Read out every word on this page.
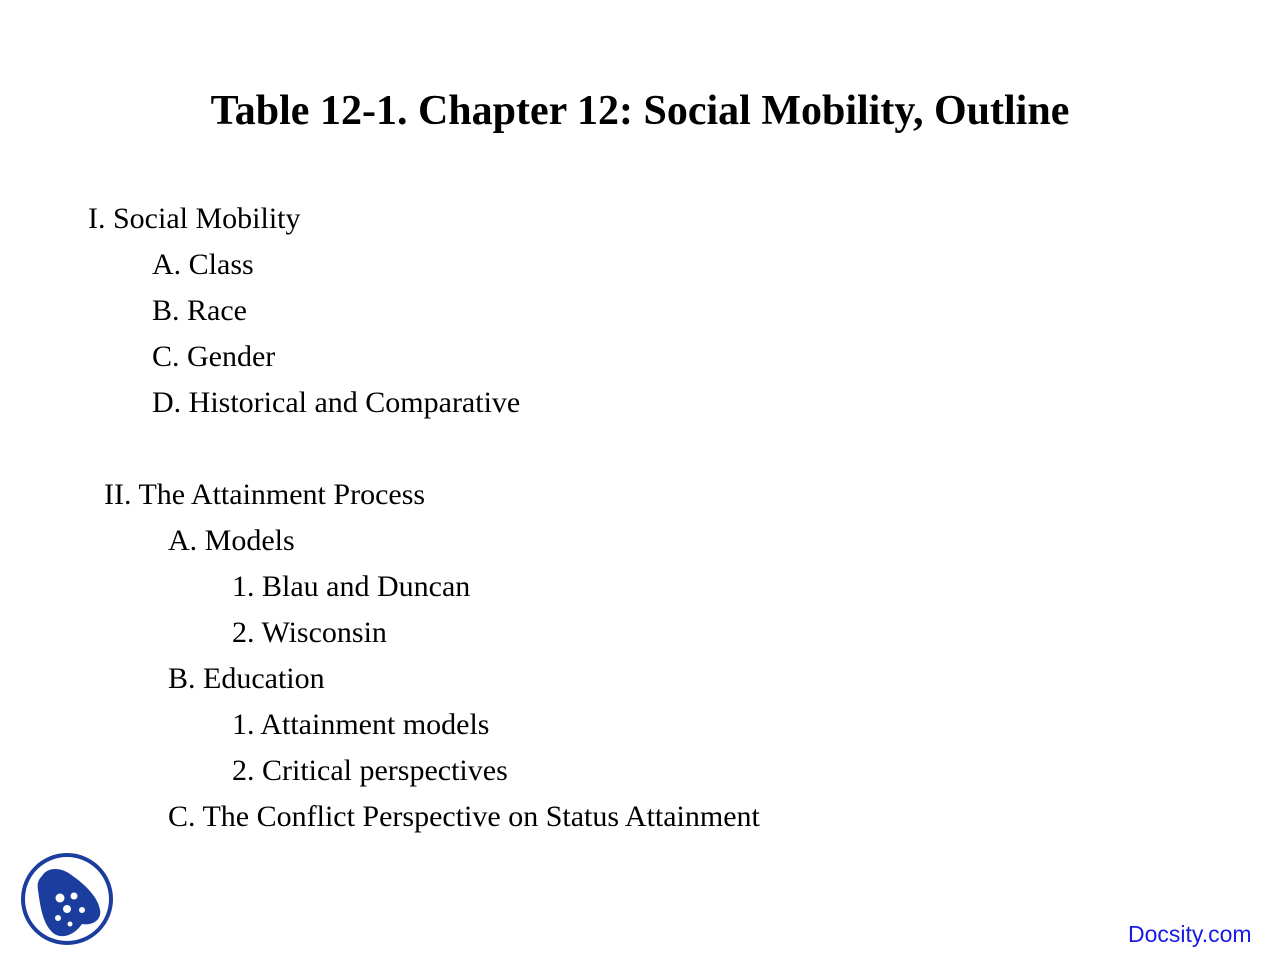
Table 12-1. Chapter 12: Social Mobility, Outline
I. Social Mobility
A. Class
B. Race
C. Gender
D. Historical and Comparative
II. The Attainment Process
A. Models
1. Blau and Duncan
2. Wisconsin
B. Education
1. Attainment models
2. Critical perspectives
C. The Conflict Perspective on Status Attainment
Docsity.com
